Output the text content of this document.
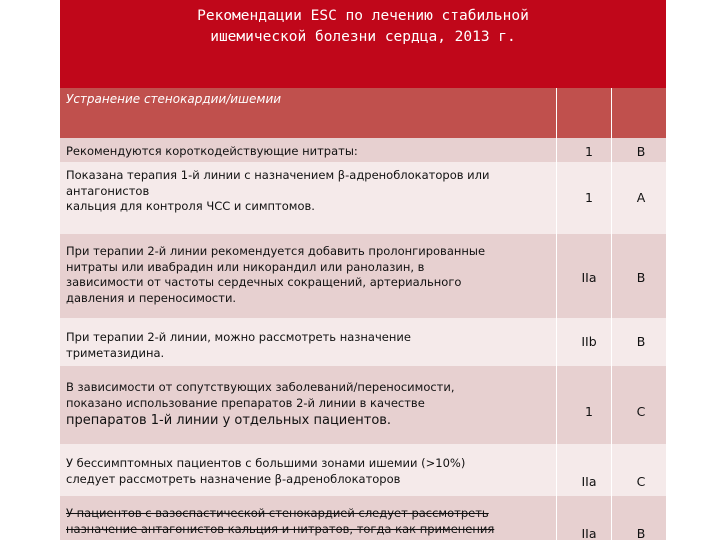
Рекомендации ESC по лечению стабильной
ишемической болезни сердца, 2013 г.
Устранение стенокардии/ишемии
Рекомендуются короткодействующие нитраты:	1	B
Показана терапия 1-й линии с назначением β-адреноблокаторов или
антагонистов
кальция для контроля ЧСС и симптомов.
1	A
При терапии 2-й линии рекомендуется добавить пролонгированные
нитраты или ивабрадин или никорандил или ранолазин, в
зависимости от частоты сердечных сокращений, артериального
давления и переносимости.
IIa	B
При терапии 2-й линии, можно рассмотреть назначение
триметазидина.
IIb	B
В зависимости от сопутствующих заболеваний/переносимости,
показано использование препаратов 2-й линии в качестве
препаратов 1-й линии у отдельных пациентов.
1	C
У бессимптомных пациентов с большими зонами ишемии (>10%)
следует рассмотреть назначение β-адреноблокаторов	IIa	C
У пациентов с вазоспастической стенокардией следует рассмотреть
назначение антагонистов кальция и нитратов, тогда как применения	IIa	B
